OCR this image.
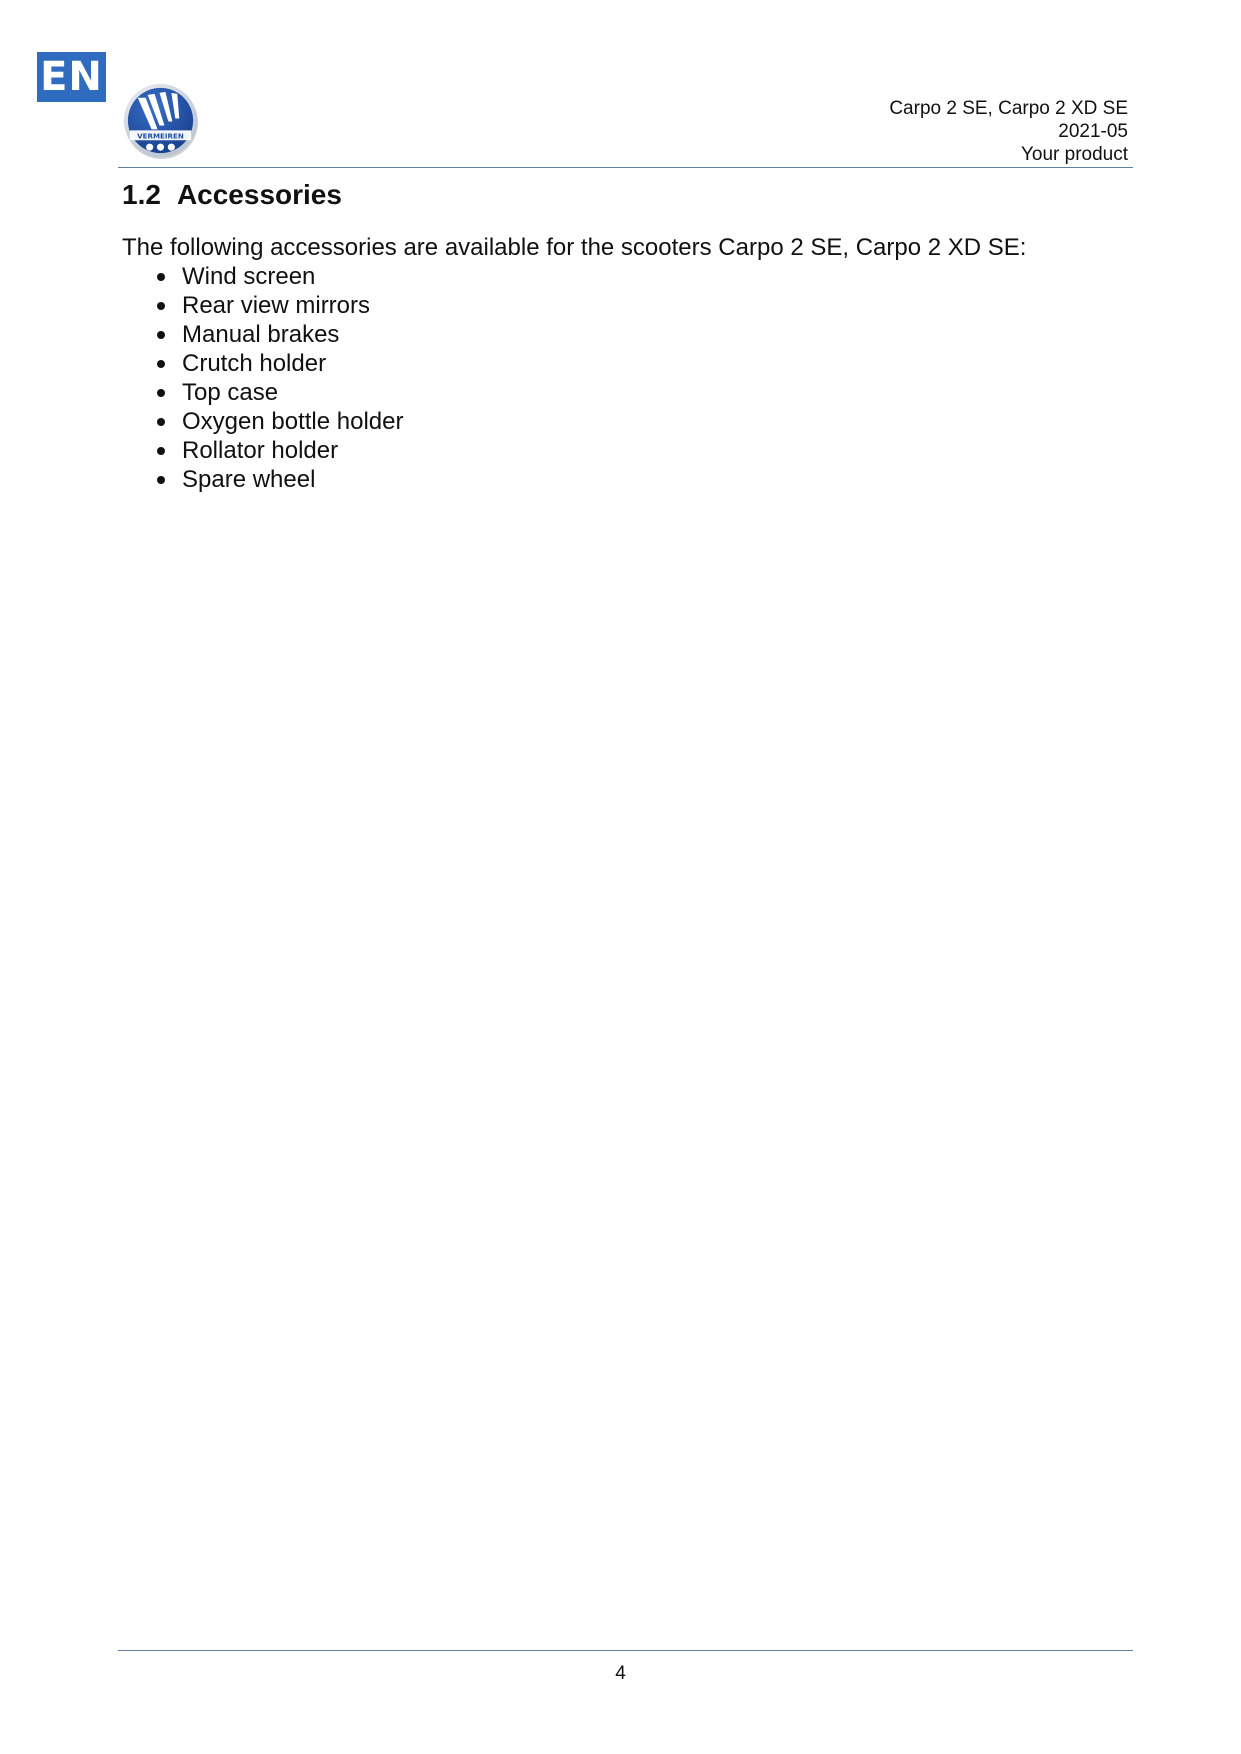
EN
VERMEIREN
Carpo 2 SE, Carpo 2 XD SE
2021-05
Your product
1.2 Accessories

The following accessories are available for the scooters Carpo 2 SE, Carpo 2 XD SE:

Wind screen
Rear view mirrors
Manual brakes
Crutch holder
Top case
Oxygen bottle holder
Rollator holder
Spare wheel
4
